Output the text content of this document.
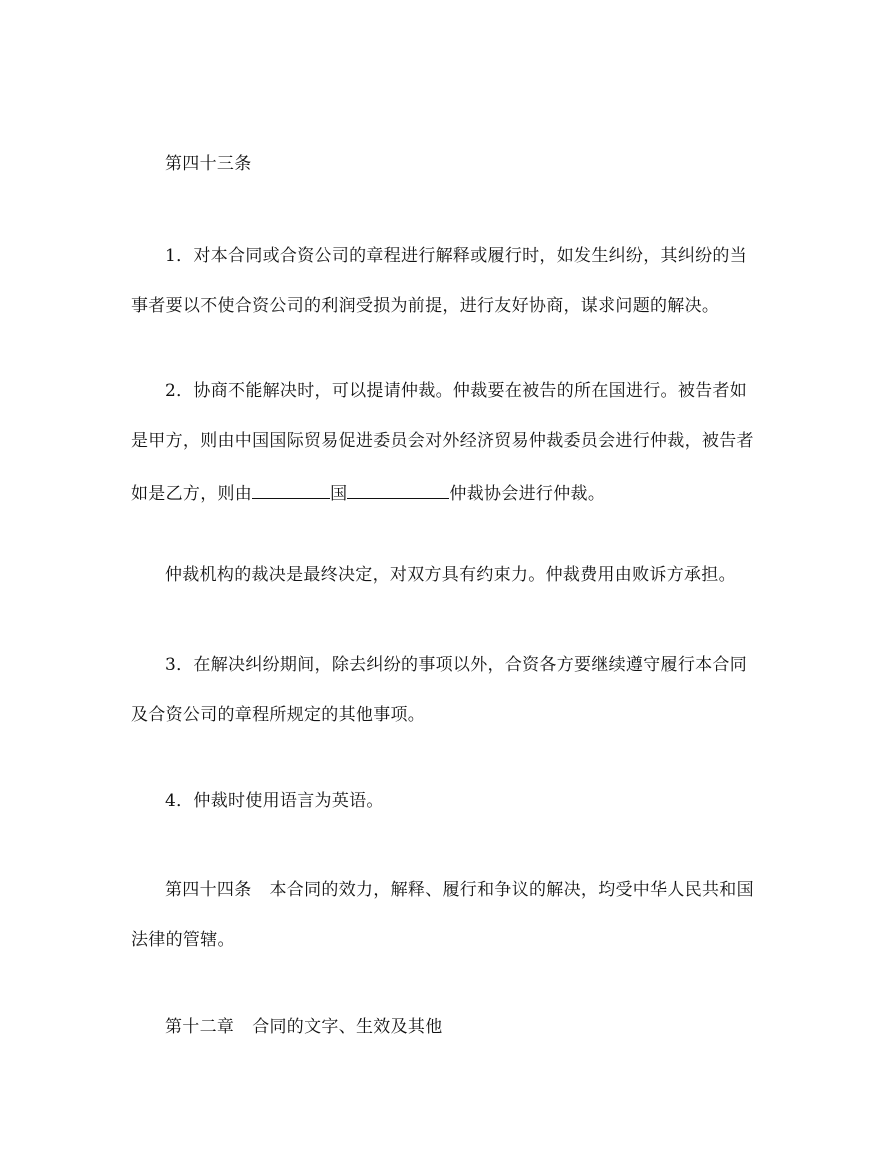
第四十三条
1．对本合同或合资公司的章程进行解释或履行时，如发生纠纷，其纠纷的当
事者要以不使合资公司的利润受损为前提，进行友好协商，谋求问题的解决。
2．协商不能解决时，可以提请仲裁。仲裁要在被告的所在国进行。被告者如
是甲方，则由中国国际贸易促进委员会对外经济贸易仲裁委员会进行仲裁，被告者
如是乙方，则由	国	仲裁协会进行仲裁。
仲裁机构的裁决是最终决定，对双方具有约束力。仲裁费用由败诉方承担。
3．在解决纠纷期间，除去纠纷的事项以外，合资各方要继续遵守履行本合同
及合资公司的章程所规定的其他事项。
4．仲裁时使用语言为英语。
第四十四条 本合同的效力，解释、履行和争议的解决，均受中华人民共和国
法律的管辖。
第十二章 合同的文字、生效及其他
